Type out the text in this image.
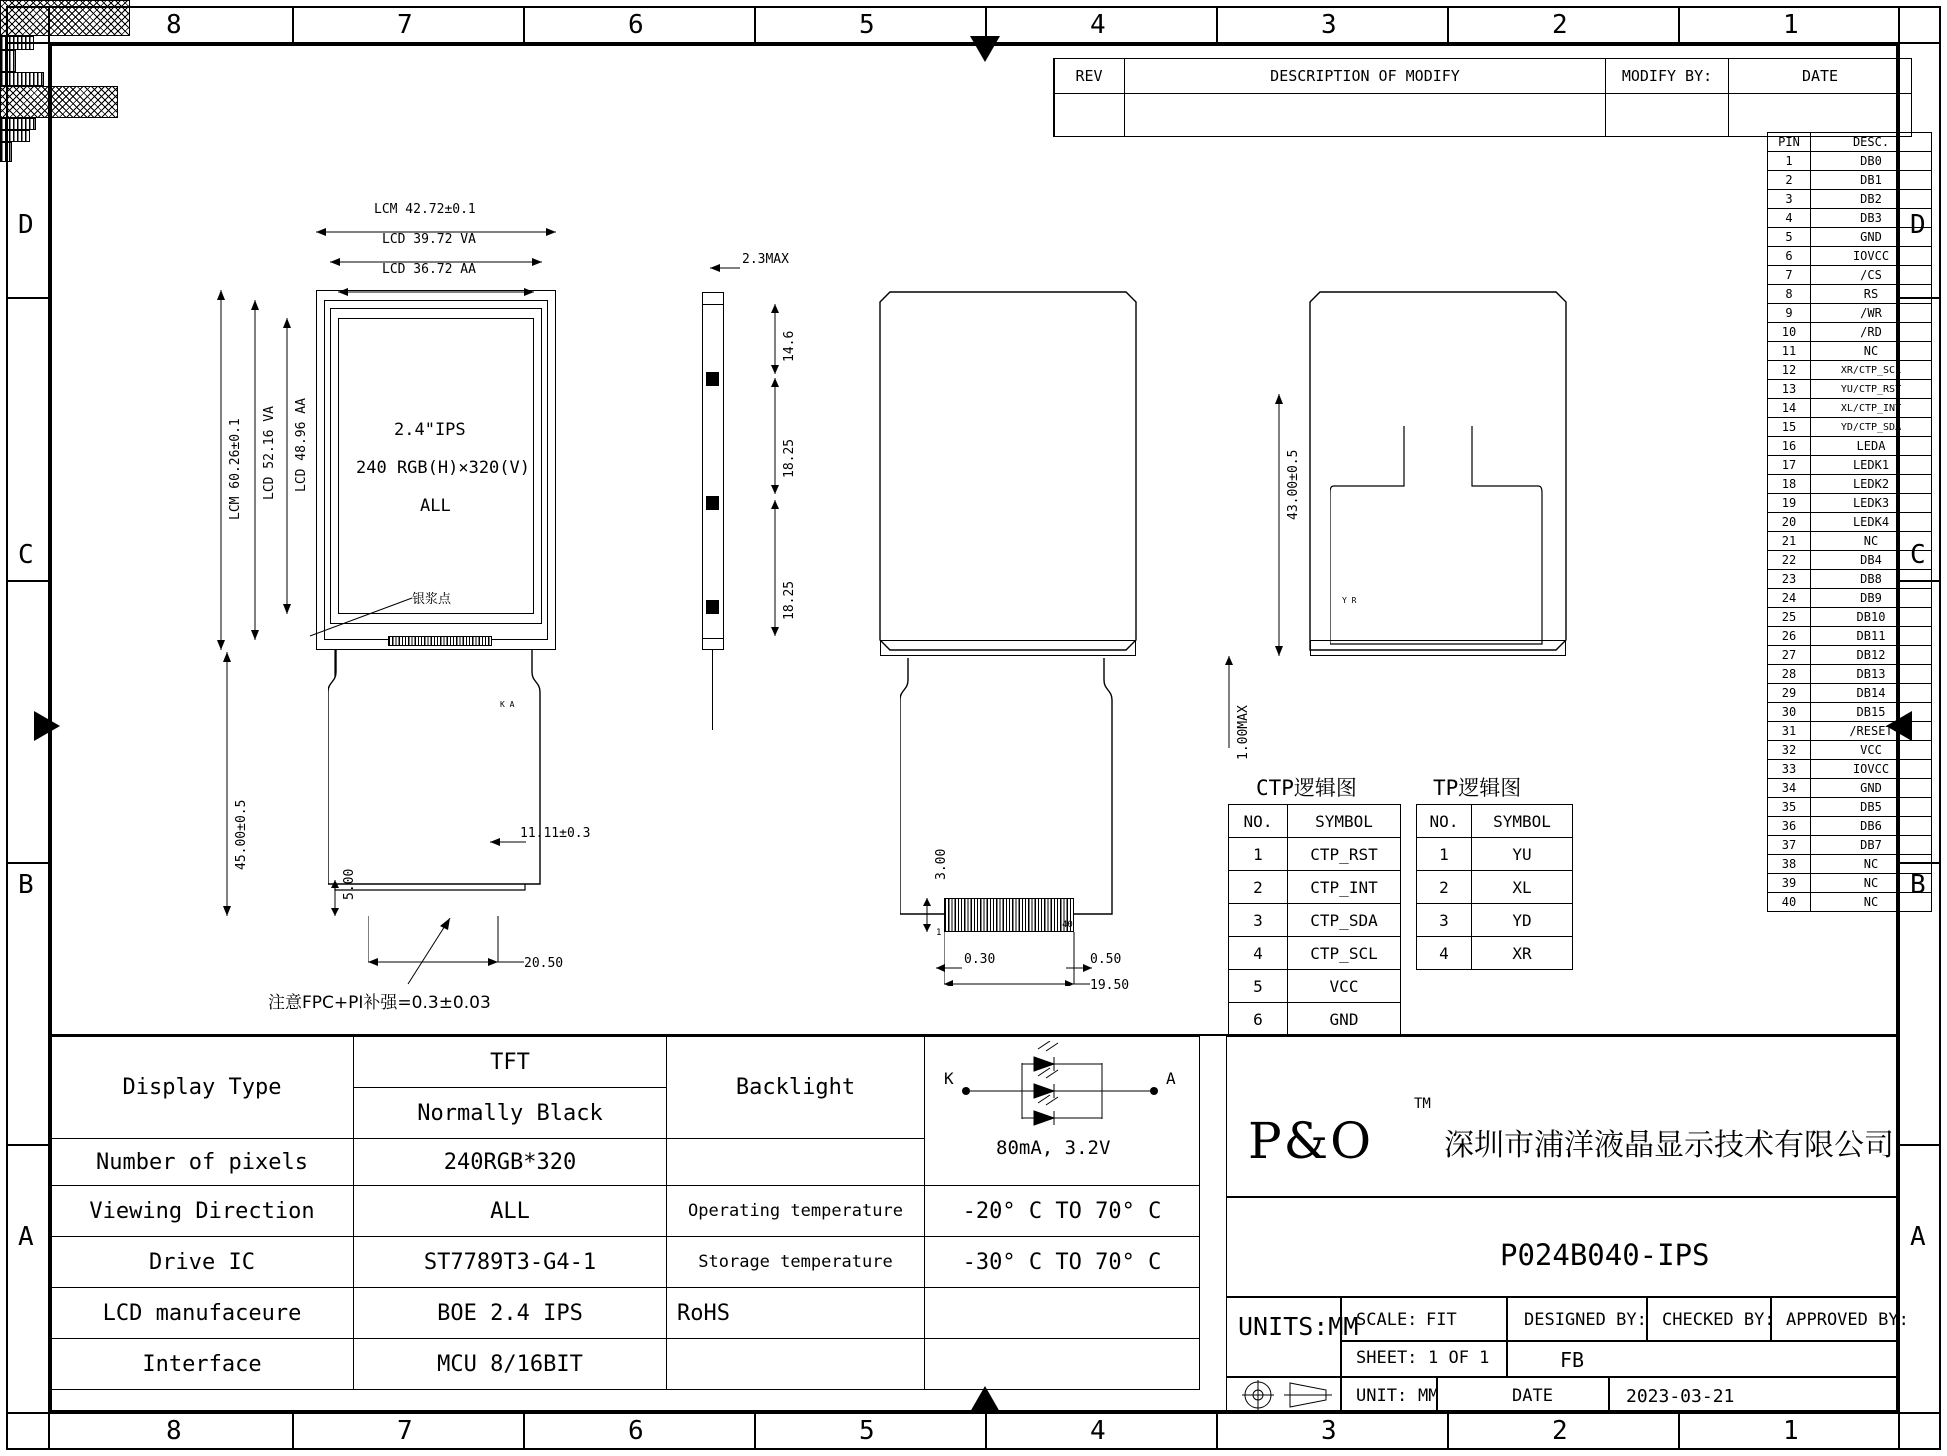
8	7	6	5	4	3	2	1
8	7	6	5	4	3	2	1
D
C
B
A
D
C
B
A
REV	DESCRIPTION OF MODIFY	MODIFY BY:	DATE

PIN	DESC.
1	DB0
2	DB1
3	DB2
4	DB3
5	GND
6	IOVCC
7	/CS
8	RS
9	/WR
10	/RD
11	NC
12	XR/CTP_SCL
13	YU/CTP_RST
14	XL/CTP_INT
15	YD/CTP_SDA
16	LEDA
17	LEDK1
18	LEDK2
19	LEDK3
20	LEDK4
21	NC
22	DB4
23	DB8
24	DB9
25	DB10
26	DB11
27	DB12
28	DB13
29	DB14
30	DB15
31	/RESET
32	VCC
33	IOVCC
34	GND
35	DB5
36	DB6
37	DB7
38	NC
39	NC
40	NC
CTP逻辑图
NO.	SYMBOL
1	CTP_RST
2	CTP_INT
3	CTP_SDA
4	CTP_SCL
5	VCC
6	GND
TP逻辑图
NO.	SYMBOL
1	YU
2	XL
3	YD
4	XR
2.4"IPS
240 RGB(H)×320(V)
ALL
银浆点
K A
LCM 42.72±0.1
LCD 39.72 VA
LCD 36.72 AA
LCM 60.26±0.1 LCD 52.16 VA LCD 48.96 AA
45.00±0.5
5.00
11.11±0.3
20.50
注意FPC+PI补强=0.3±0.03
2.3MAX
14.6
18.25
18.25
1
40
3.00
0.30	0.50
19.50
Y R
43.00±0.5
1.00MAX
Display Type	TFT	Backlight	K A
80mA, 3.2V

	Normally Black		
Number of pixels	240RGB*320		
Viewing Direction	ALL	Operating temperature	-20° C TO 70° C
Drive IC	ST7789T3-G4-1	Storage temperature	-30° C TO 70° C
LCD manufaceure	BOE 2.4 IPS	RoHS	
Interface	MCU 8/16BIT		
P&O
TM
深圳市浦洋液晶显示技术有限公司
P024B040-IPS
UNITS:MM
SCALE: FIT	DESIGNED BY: CHECKED BY: APPROVED BY:
SHEET: 1 OF 1	FB
UNIT: MM	DATE	2023-03-21
